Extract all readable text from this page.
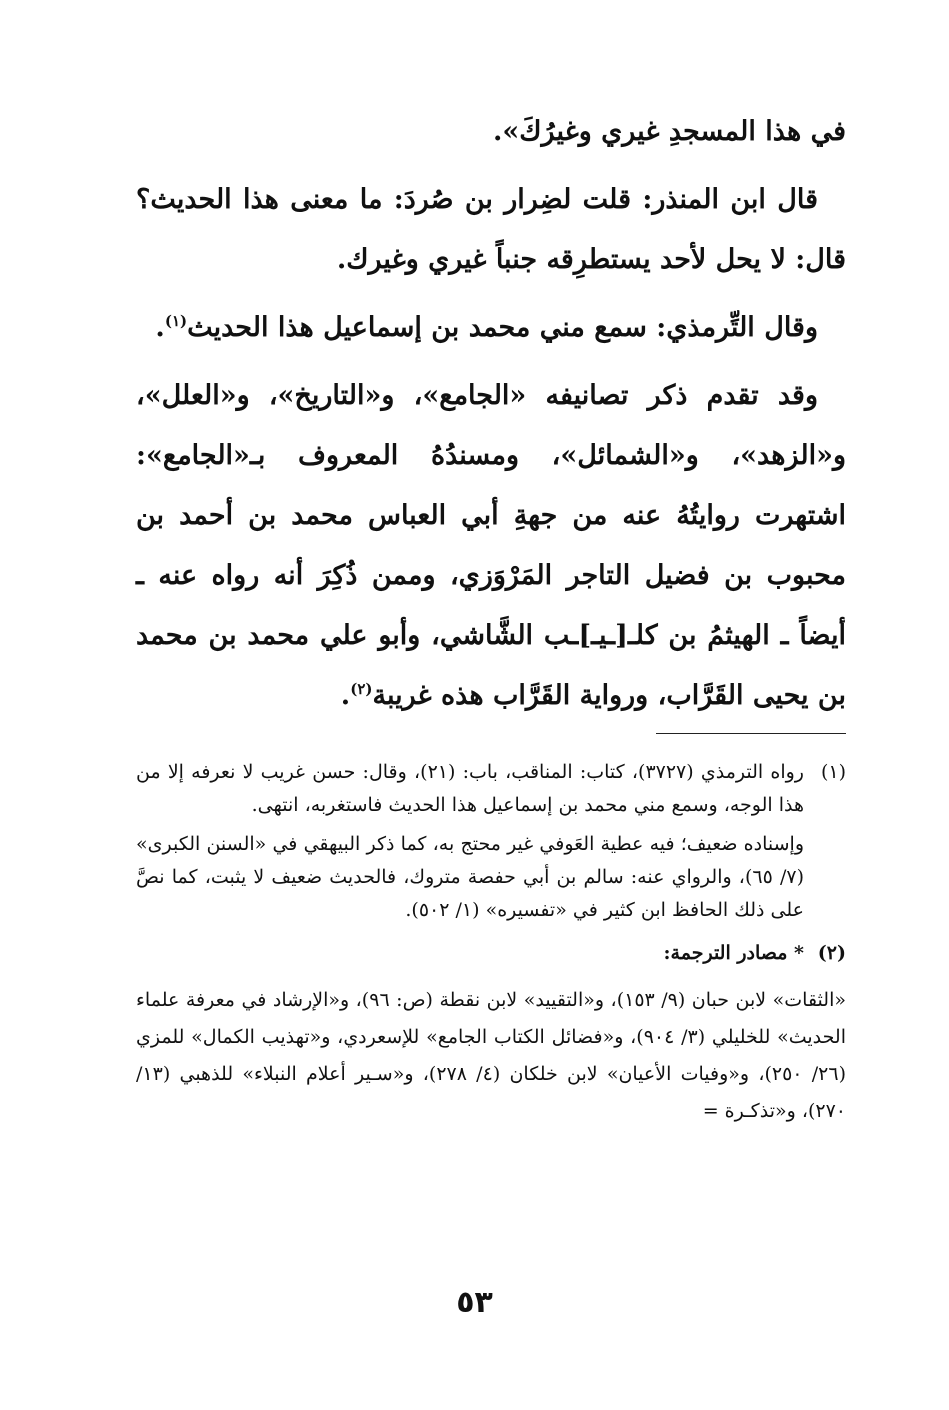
في هذا المسجدِ غيري وغيرُكَ».

قال ابن المنذر: قلت لضِرار بن صُردَ: ما معنى هذا الحديث؟ قال: لا يحل لأحد يستطرِقه جنباً غيري وغيرك.

وقال التِّرمذي: سمع مني محمد بن إسماعيل هذا الحديث$^{(١)}$.

وقد تقدم ذكر تصانيفه «الجامع»، و«التاريخ»، و«العلل»، و«الزهد»، و«الشمائل»، ومسندُهُ المعروف بـ«الجامع»: اشتهرت روايتُهُ عنه من جهةِ أبي العباس محمد بن أحمد بن محبوب بن فضيل التاجر المَرْوَزي، وممن ذُكِرَ أنه رواه عنه ـ أيضاً ـ الهيثمُ بن كلـ[ـيـ]ـب الشَّاشي، وأبو علي محمد بن محمد بن يحيى القَرَّاب، ورواية القَرَّاب هذه غريبة$^{(٢)}$.

(١)
رواه الترمذي (٣٧٢٧)، كتاب: المناقب، باب: (٢١)، وقال: حسن غريب لا نعرفه إلا من هذا الوجه، وسمع مني محمد بن إسماعيل هذا الحديث فاستغربه، انتهى.

وإسناده ضعيف؛ فيه عطية العَوفي غير محتج به، كما ذكر البيهقي في «السنن الكبرى» (٧/ ٦٥)، والرواي عنه: سالم بن أبي حفصة متروك، فالحديث ضعيف لا يثبت، كما نصَّ على ذلك الحافظ ابن كثير في «تفسيره» (١/ ٥٠٢).

(٢)
* مصادر الترجمة:

«الثقات» لابن حبان (٩/ ١٥٣)، و«التقييد» لابن نقطة (ص: ٩٦)، و«الإرشاد في معرفة علماء الحديث» للخليلي (٣/ ٩٠٤)، و«فضائل الكتاب الجامع» للإسعردي، و«تهذيب الكمال» للمزي (٢٦/ ٢٥٠)، و«وفيات الأعيان» لابن خلكان (٤/ ٢٧٨)، و«سـير أعلام النبلاء» للذهبي (١٣/ ٢٧٠)، و«تذكـرة =

٥٣
